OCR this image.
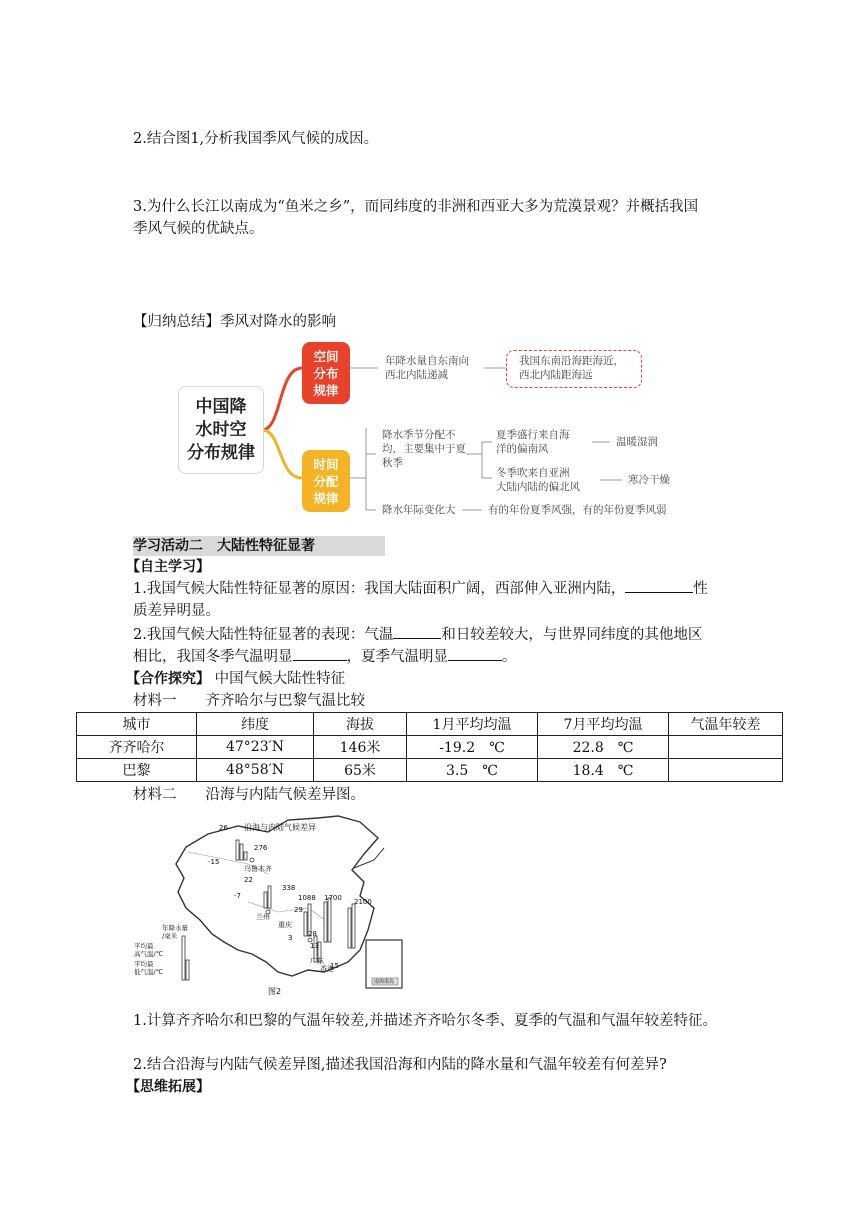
2.结合图1,分析我国季风气候的成因。
3.为什么长江以南成为“鱼米之乡”，而同纬度的非洲和西亚大多为荒漠景观？并概括我国
季风气候的优缺点。
【归纳总结】季风对降水的影响
中国降
水时空
分布规律
空间
分布
规律
年降水量自东南向
西北内陆递减
我国东南沿海距海近，
西北内陆距海远
时间
分配
规律
降水季节分配不
均，主要集中于夏
秋季
夏季盛行来自海
洋的偏南风
温暖湿润
冬季吹来自亚洲
大陆内陆的偏北风
寒冷干燥
降水年际变化大	有的年份夏季风强，有的年份夏季风弱
学习活动二　大陆性特征显著
【自主学习】
1.我国气候大陆性特征显著的原因：我国大陆面积广阔，西部伸入亚洲内陆，	性
质差异明显。
2.我国气候大陆性特征显著的表现：气温	和日较差较大，与世界同纬度的其他地区
相比，我国冬季气温明显	，夏季气温明显	。
【合作探究】 中国气候大陆性特征
材料一　　齐齐哈尔与巴黎气温比较
城市	纬度	海拔	1月平均均温	7月平均均温	气温年较差
齐齐哈尔	47°23′N	146米	-19.2　℃	22.8　℃	
巴黎	48°58′N	65米	3.5　℃	18.4　℃	
材料二　　沿海与内陆气候差异图。
沿海与内陆气候差异
26
276
-15
乌鲁木齐
22
338
-7
兰州
1088
29
1700 2100
重庆
3 28
13
15
广东
香港
南海诸岛
年降水量
/毫米
平均最
高气温/℃
平均最
低气温/℃
图2
1.计算齐齐哈尔和巴黎的气温年较差,并描述齐齐哈尔冬季、夏季的气温和气温年较差特征。
2.结合沿海与内陆气候差异图,描述我国沿海和内陆的降水量和气温年较差有何差异?
【思维拓展】
